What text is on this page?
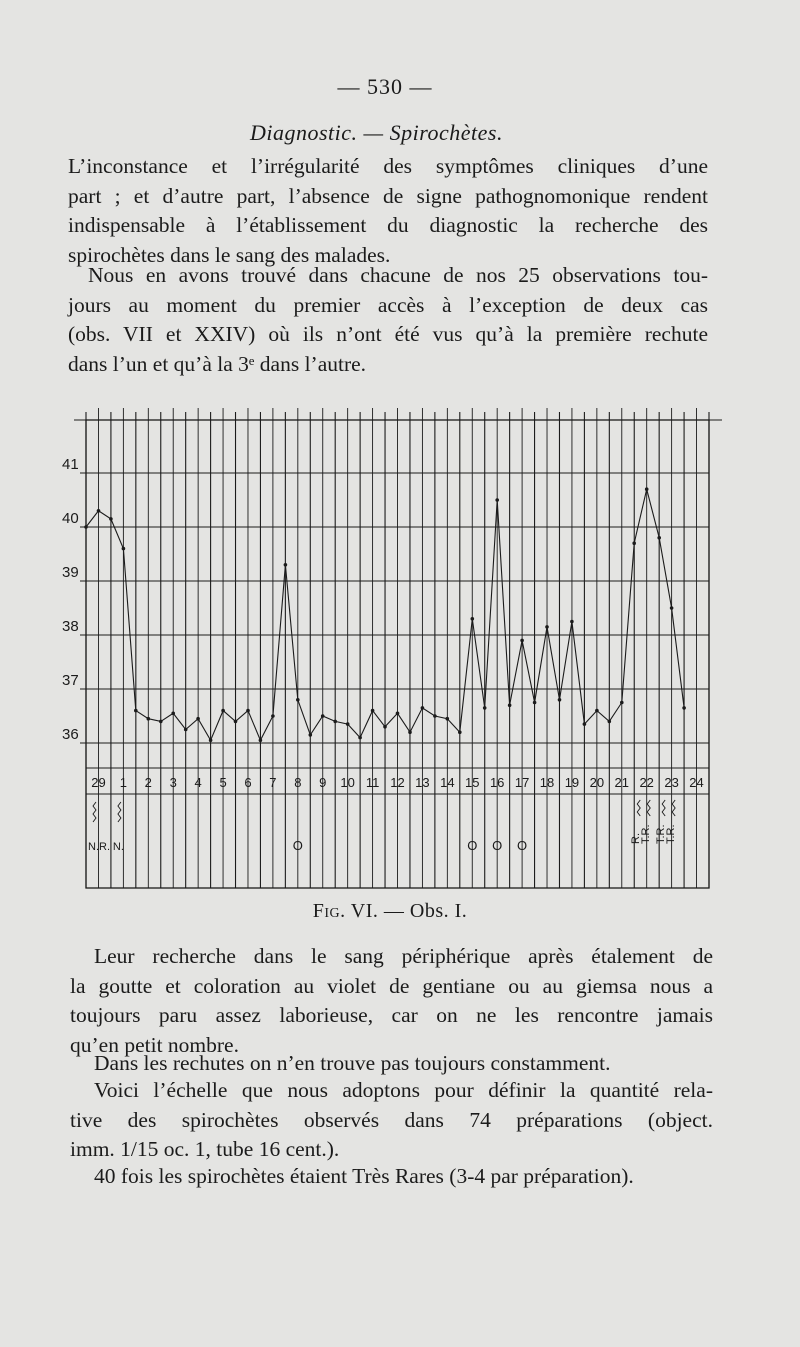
— 530 —
Diagnostic. — Spirochètes.
L’inconstance et l’irrégularité des symptômes cliniques d’une
part ; et d’autre part, l’absence de signe pathognomonique rendent
indispensable à l’établissement du diagnostic la recherche des
spirochètes dans le sang des malades.
Nous en avons trouvé dans chacune de nos 25 observations tou-
jours au moment du premier accès à l’exception de deux cas
(obs. VII et XXIV) où ils n’ont été vus qu’à la première rechute
dans l’un et qu’à la 3ᵉ dans l’autre.
41
40
39
38
37
36
29 1 2 3 4 5 6 7 8 9 10 11 12 13 14 15 16 17 18 19 20 21 22 23 24
N.R. N.	O	O O O	R.
T.R. T.R.
T.R.
Fig. VI. — Obs. I.
Leur recherche dans le sang périphérique après étalement de
la goutte et coloration au violet de gentiane ou au giemsa nous a
toujours paru assez laborieuse, car on ne les rencontre jamais
qu’en petit nombre.
Dans les rechutes on n’en trouve pas toujours constamment.
Voici l’échelle que nous adoptons pour définir la quantité rela-
tive des spirochètes observés dans 74 préparations (object.
imm. 1/15 oc. 1, tube 16 cent.).
40 fois les spirochètes étaient Très Rares (3-4 par préparation).
